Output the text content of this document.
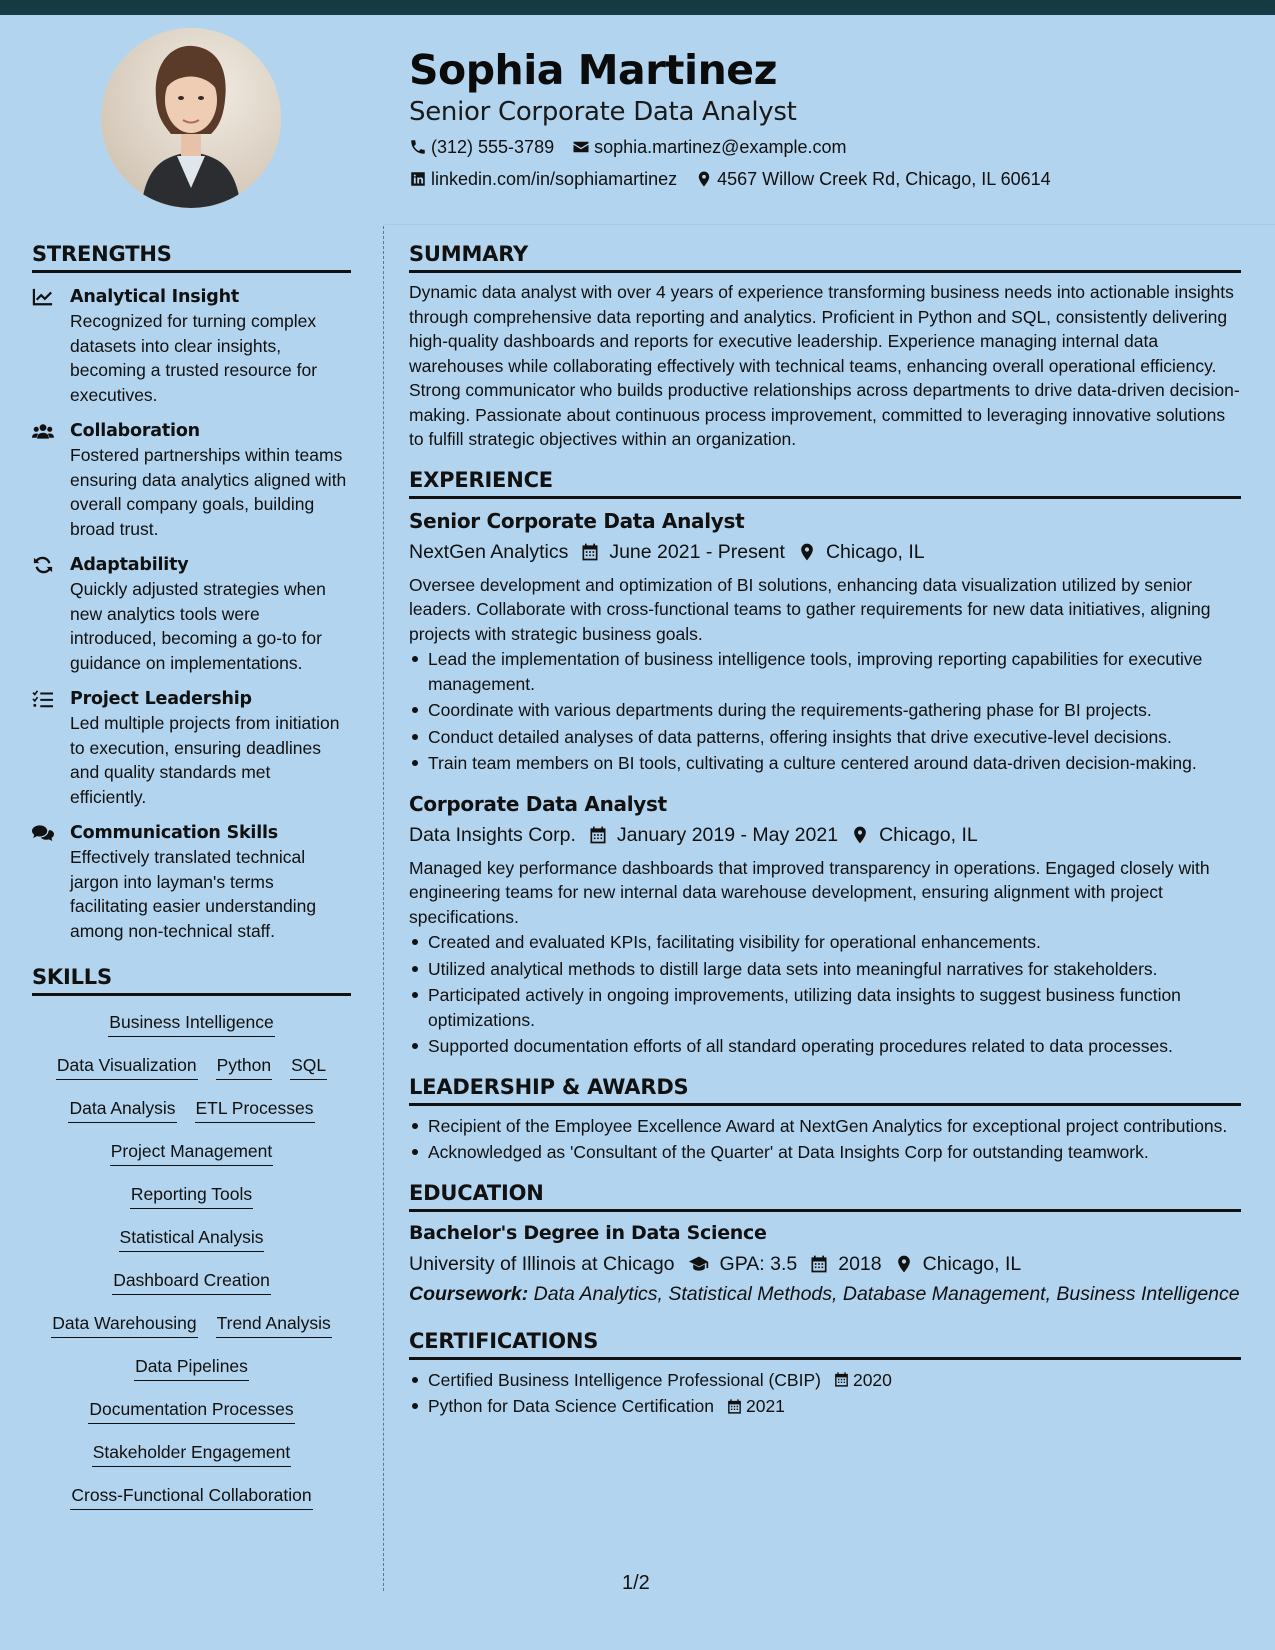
Sophia Martinez
Senior Corporate Data Analyst
(312) 555-3789 sophia.martinez@example.com
linkedin.com/in/sophiamartinez 4567 Willow Creek Rd, Chicago, IL 60614
STRENGTHS
Analytical Insight
Recognized for turning complex datasets into clear insights, becoming a trusted resource for executives.
Collaboration
Fostered partnerships within teams ensuring data analytics aligned with overall company goals, building broad trust.
Adaptability
Quickly adjusted strategies when new analytics tools were introduced, becoming a go-to for guidance on implementations.
Project Leadership
Led multiple projects from initiation to execution, ensuring deadlines and quality standards met efficiently.
Communication Skills
Effectively translated technical jargon into layman's terms facilitating easier understanding among non-technical staff.
SKILLS
Business Intelligence
Data Visualization Python SQL
Data Analysis ETL Processes
Project Management
Reporting Tools
Statistical Analysis
Dashboard Creation
Data Warehousing Trend Analysis
Data Pipelines
Documentation Processes
Stakeholder Engagement
Cross-Functional Collaboration
SUMMARY
Dynamic data analyst with over 4 years of experience transforming business needs into actionable insights through comprehensive data reporting and analytics. Proficient in Python and SQL, consistently delivering high-quality dashboards and reports for executive leadership. Experience managing internal data warehouses while collaborating effectively with technical teams, enhancing overall operational efficiency. Strong communicator who builds productive relationships across departments to drive data-driven decision-making. Passionate about continuous process improvement, committed to leveraging innovative solutions to fulfill strategic objectives within an organization.
EXPERIENCE
Senior Corporate Data Analyst
NextGen Analytics June 2021 - Present Chicago, IL
Oversee development and optimization of BI solutions, enhancing data visualization utilized by senior leaders. Collaborate with cross-functional teams to gather requirements for new data initiatives, aligning projects with strategic business goals.
Lead the implementation of business intelligence tools, improving reporting capabilities for executive management.
Coordinate with various departments during the requirements-gathering phase for BI projects.
Conduct detailed analyses of data patterns, offering insights that drive executive-level decisions.
Train team members on BI tools, cultivating a culture centered around data-driven decision-making.
Corporate Data Analyst
Data Insights Corp. January 2019 - May 2021 Chicago, IL
Managed key performance dashboards that improved transparency in operations. Engaged closely with engineering teams for new internal data warehouse development, ensuring alignment with project specifications.
Created and evaluated KPIs, facilitating visibility for operational enhancements.
Utilized analytical methods to distill large data sets into meaningful narratives for stakeholders.
Participated actively in ongoing improvements, utilizing data insights to suggest business function optimizations.
Supported documentation efforts of all standard operating procedures related to data processes.
LEADERSHIP & AWARDS
Recipient of the Employee Excellence Award at NextGen Analytics for exceptional project contributions.
Acknowledged as 'Consultant of the Quarter' at Data Insights Corp for outstanding teamwork.
EDUCATION
Bachelor's Degree in Data Science
University of Illinois at Chicago GPA: 3.5 2018 Chicago, IL
Coursework: Data Analytics, Statistical Methods, Database Management, Business Intelligence
CERTIFICATIONS
Certified Business Intelligence Professional (CBIP) 2020
Python for Data Science Certification 2021
1/2
